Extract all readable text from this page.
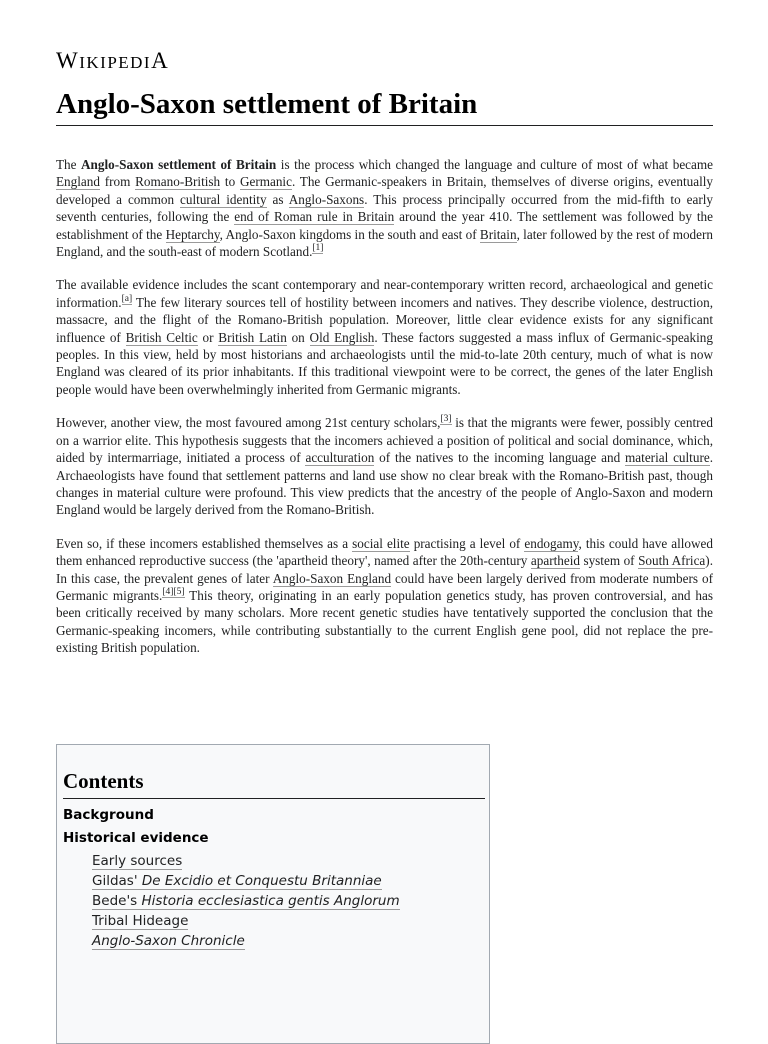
WIKIPEDIA
Anglo-Saxon settlement of Britain

The Anglo-Saxon settlement of Britain is the process which changed the language and culture of most of what became England from Romano-British to Germanic. The Germanic-speakers in Britain, themselves of diverse origins, eventually developed a common cultural identity as Anglo-Saxons. This process principally occurred from the mid-fifth to early seventh centuries, following the end of Roman rule in Britain around the year 410. The settlement was followed by the establishment of the Heptarchy, Anglo-Saxon kingdoms in the south and east of Britain, later followed by the rest of modern England, and the south-east of modern Scotland.[1]

The available evidence includes the scant contemporary and near-contemporary written record, archaeological and genetic information.[a] The few literary sources tell of hostility between incomers and natives. They describe violence, destruction, massacre, and the flight of the Romano-British population. Moreover, little clear evidence exists for any significant influence of British Celtic or British Latin on Old English. These factors suggested a mass influx of Germanic-speaking peoples. In this view, held by most historians and archaeologists until the mid-to-late 20th century, much of what is now England was cleared of its prior inhabitants. If this traditional viewpoint were to be correct, the genes of the later English people would have been overwhelmingly inherited from Germanic migrants.

However, another view, the most favoured among 21st century scholars,[3] is that the migrants were fewer, possibly centred on a warrior elite. This hypothesis suggests that the incomers achieved a position of political and social dominance, which, aided by intermarriage, initiated a process of acculturation of the natives to the incoming language and material culture. Archaeologists have found that settlement patterns and land use show no clear break with the Romano-British past, though changes in material culture were profound. This view predicts that the ancestry of the people of Anglo-Saxon and modern England would be largely derived from the Romano-British.

Even so, if these incomers established themselves as a social elite practising a level of endogamy, this could have allowed them enhanced reproductive success (the 'apartheid theory', named after the 20th-century apartheid system of South Africa). In this case, the prevalent genes of later Anglo-Saxon England could have been largely derived from moderate numbers of Germanic migrants.[4][5] This theory, originating in an early population genetics study, has proven controversial, and has been critically received by many scholars. More recent genetic studies have tentatively supported the conclusion that the Germanic-speaking incomers, while contributing substantially to the current English gene pool, did not replace the pre-existing British population.

Contents
Background
Historical evidence
Early sources
Gildas' De Excidio et Conquestu Britanniae
Bede's Historia ecclesiastica gentis Anglorum
Tribal Hideage
Anglo-Saxon Chronicle
